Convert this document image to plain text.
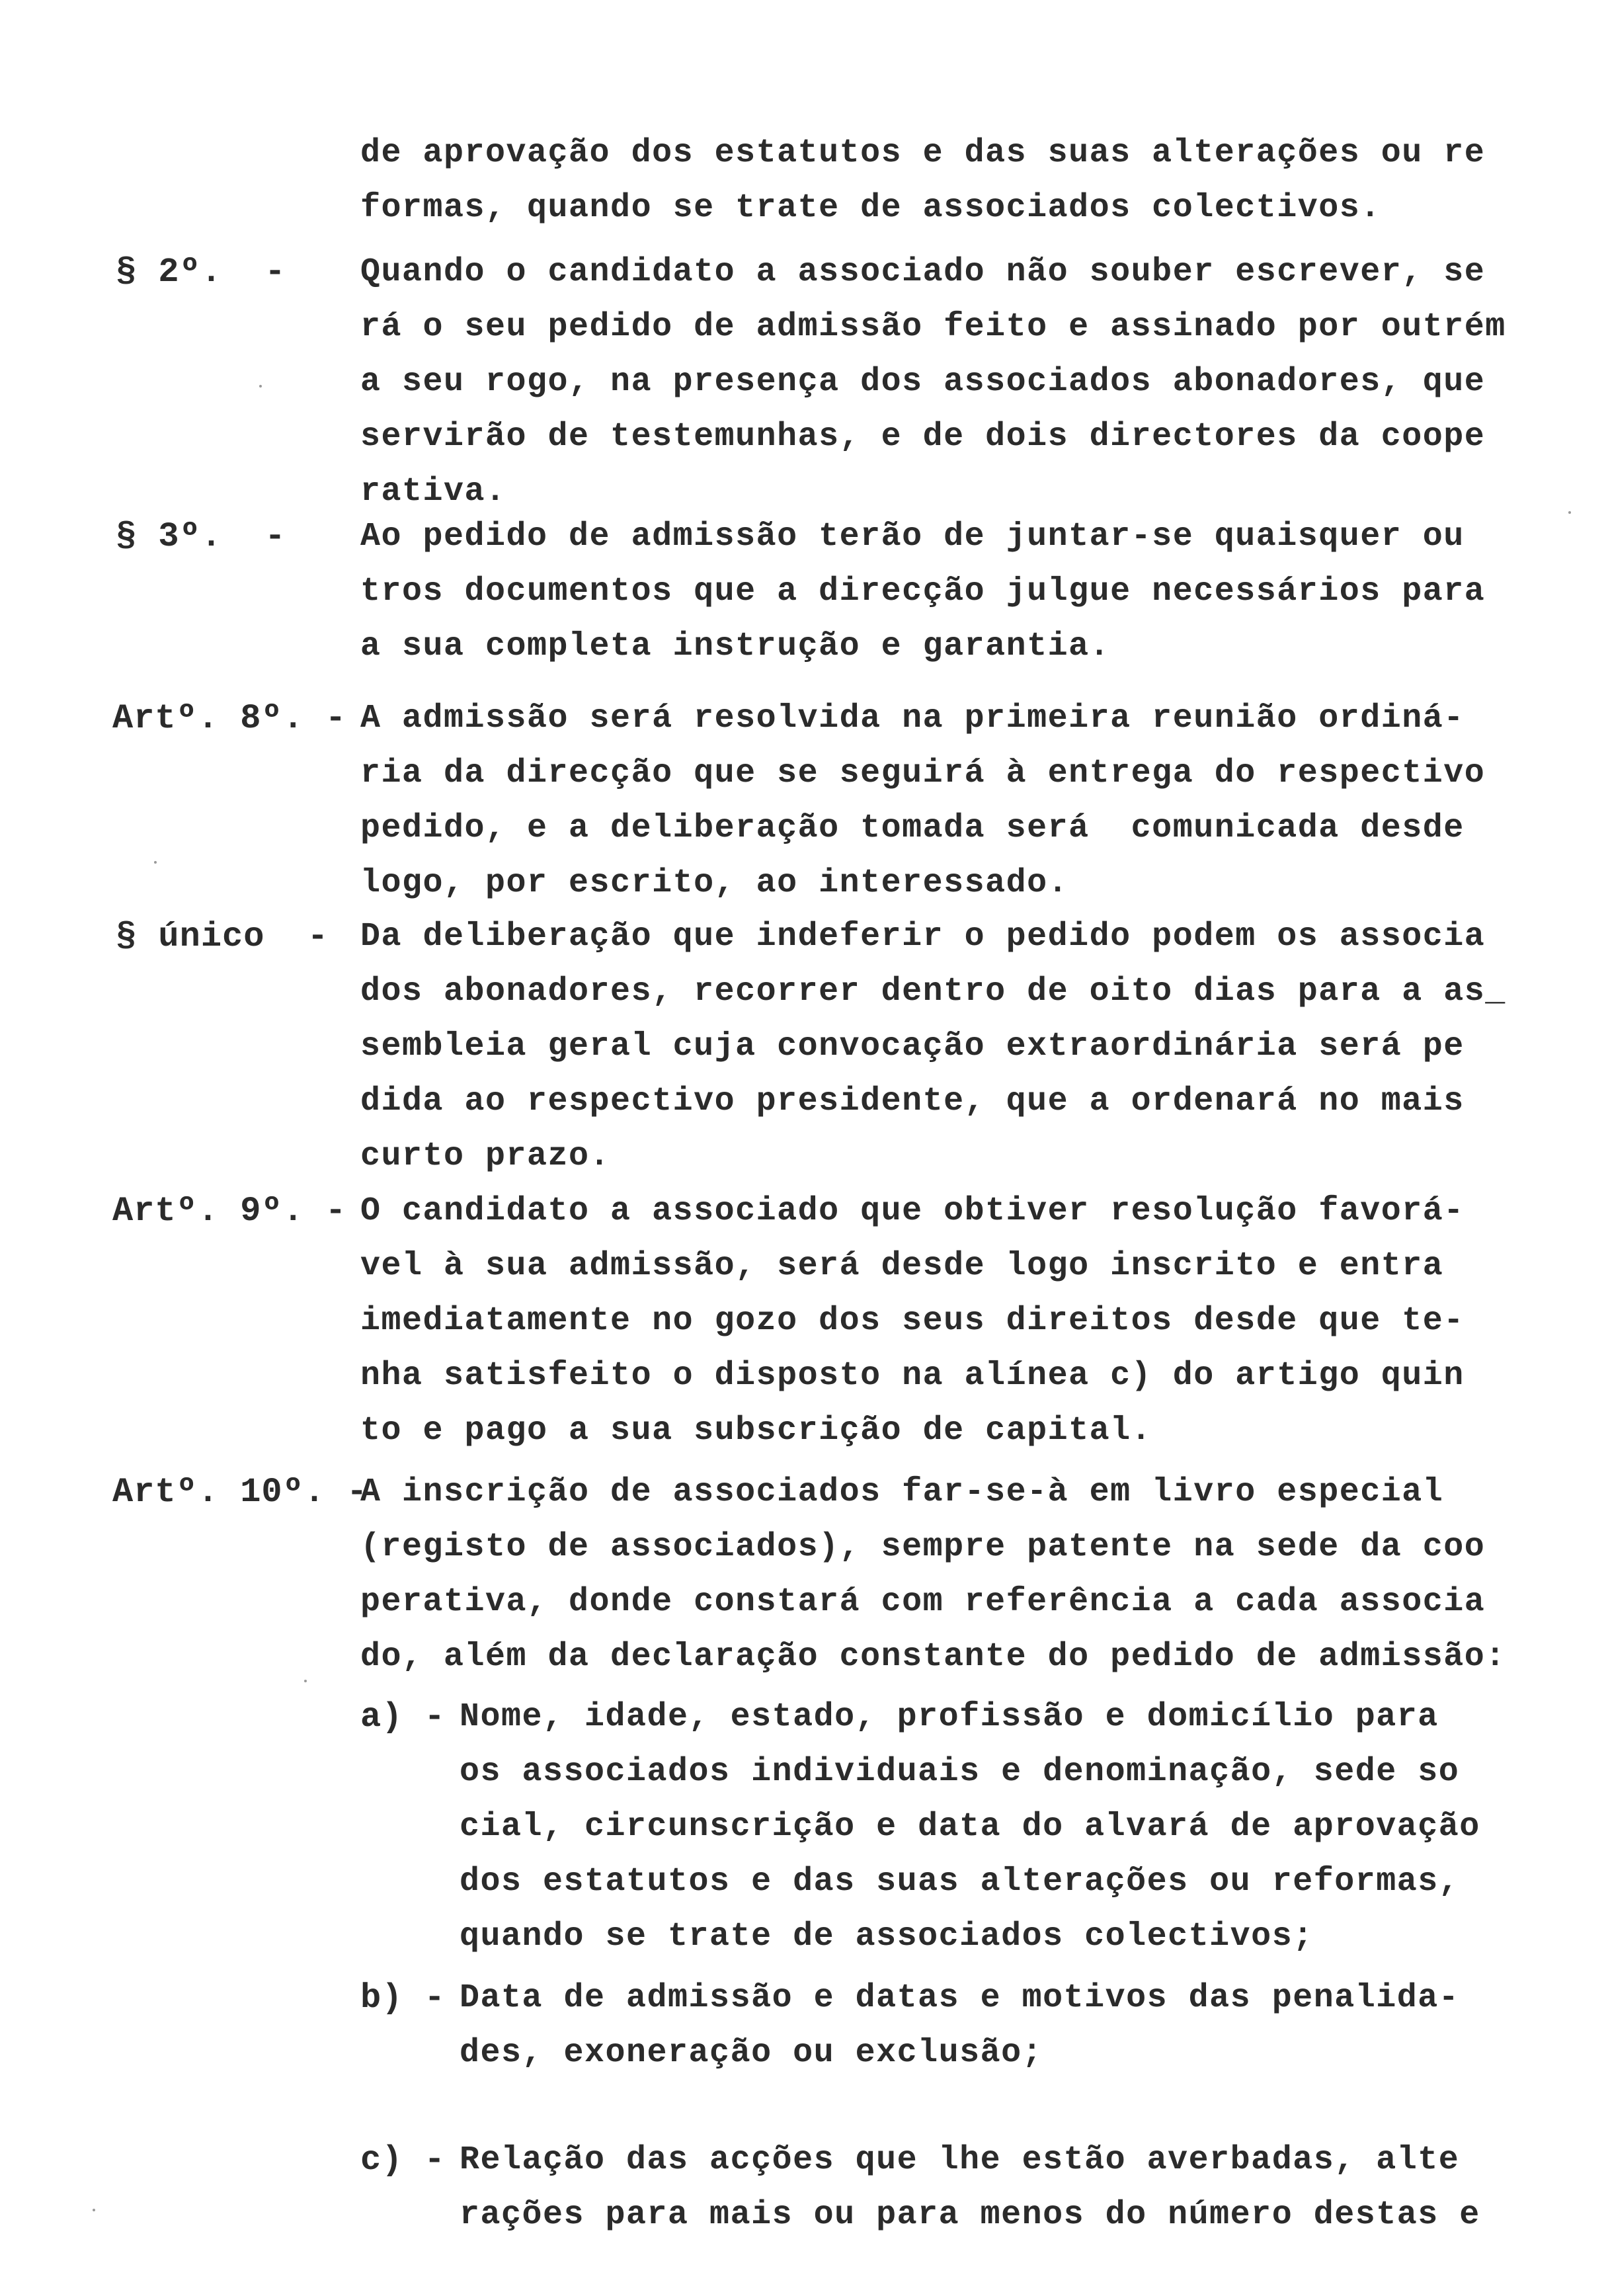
de aprovação dos estatutos e das suas alterações ou re
formas, quando se trate de associados colectivos.
§ 2º.  - Quando o candidato a associado não souber escrever, se
rá o seu pedido de admissão feito e assinado por outrém
a seu rogo, na presença dos associados abonadores, que
servirão de testemunhas, e de dois directores da coope
rativa.
§ 3º.  - Ao pedido de admissão terão de juntar-se quaisquer ou
tros documentos que a direcção julgue necessários para
a sua completa instrução e garantia.
Artº. 8º. - A admissão será resolvida na primeira reunião ordiná-
ria da direcção que se seguirá à entrega do respectivo
pedido, e a deliberação tomada será  comunicada desde
logo, por escrito, ao interessado.
§ único  - Da deliberação que indeferir o pedido podem os associa
dos abonadores, recorrer dentro de oito dias para a as_
sembleia geral cuja convocação extraordinária será pe
dida ao respectivo presidente, que a ordenará no mais
curto prazo.
Artº. 9º. - O candidato a associado que obtiver resolução favorá-
vel à sua admissão, será desde logo inscrito e entra
imediatamente no gozo dos seus direitos desde que te-
nha satisfeito o disposto na alínea c) do artigo quin
to e pago a sua subscrição de capital.
Artº. 10º. -
A inscrição de associados far-se-à em livro especial
(registo de associados), sempre patente na sede da coo
perativa, donde constará com referência a cada associa
do, além da declaração constante do pedido de admissão:
a) - Nome, idade, estado, profissão e domicílio para
os associados individuais e denominação, sede so
cial, circunscrição e data do alvará de aprovação
dos estatutos e das suas alterações ou reformas,
quando se trate de associados colectivos;
b) - Data de admissão e datas e motivos das penalida-
des, exoneração ou exclusão;
c) - Relação das acções que lhe estão averbadas, alte
rações para mais ou para menos do número destas e
